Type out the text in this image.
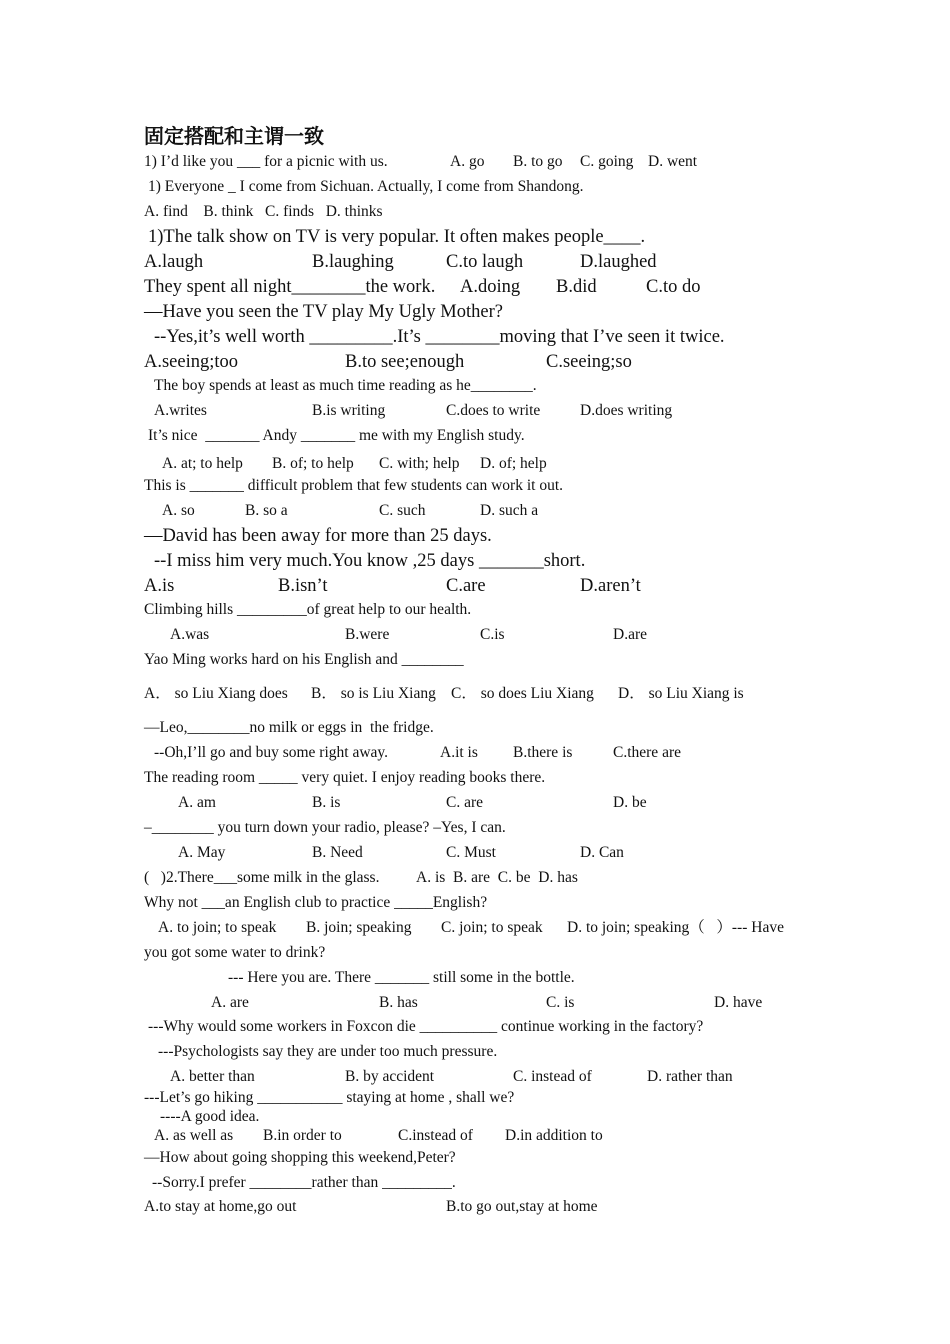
固定搭配和主谓一致
1) I’d like you ___ for a picnic with us.	A. go B. to go C. going D. went
1) Everyone _ I come from Sichuan. Actually, I come from Shandong.
A. find    B. think   C. finds   D. thinks
1)The talk show on TV is very popular. It often makes people____.
A.laugh	B.laughing	C.to laugh	D.laughed
They spent all night________the work. A.doing B.did	C.to do
—Have you seen the TV play My Ugly Mother?
--Yes,it’s well worth _________.It’s ________moving that I’ve seen it twice.
A.seeing;too	B.to see;enough	C.seeing;so
The boy spends at least as much time reading as he________.
A.writes	B.is writing	C.does to write	D.does writing
It’s nice  _______ Andy _______ me with my English study.
A. at; to help B. of; to help C. with; help D. of; help
This is _______ difficult problem that few students can work it out.
A. so	B. so a	C. such	D. such a
—David has been away for more than 25 days.
--I miss him very much.You know ,25 days _______short.
A.is	B.isn’t	C.are	D.aren’t
Climbing hills _________of great help to our health.
A.was	B.were	C.is	D.are
Yao Ming works hard on his English and ________
A． so Liu Xiang does B． so is Liu Xiang C． so does Liu Xiang D． so Liu Xiang is
—Leo,________no milk or eggs in  the fridge.
--Oh,I’ll go and buy some right away.	A.it is B.there is	C.there are
The reading room _____ very quiet. I enjoy reading books there.
A. am	B. is	C. are	D. be
–________ you turn down your radio, please? –Yes, I can.
A. May	B. Need	C. Must	D. Can
(   )2.There___some milk in the glass. A. is  B. are  C. be  D. has
Why not ___an English club to practice _____English?
A. to join; to speak B. join; speaking C. join; to speak D. to join; speaking（   ）--- Have
you got some water to drink?
--- Here you are. There _______ still some in the bottle.
A. are	B. has	C. is	D. have
---Why would some workers in Foxcon die __________ continue working in the factory?
---Psychologists say they are under too much pressure.
A. better than	B. by accident	C. instead of	D. rather than
---Let’s go hiking ___________ staying at home , shall we?
----A good idea.
A. as well as B.in order to	C.instead of D.in addition to
—How about going shopping this weekend,Peter?
--Sorry.I prefer ________rather than _________.
A.to stay at home,go out	B.to go out,stay at home
